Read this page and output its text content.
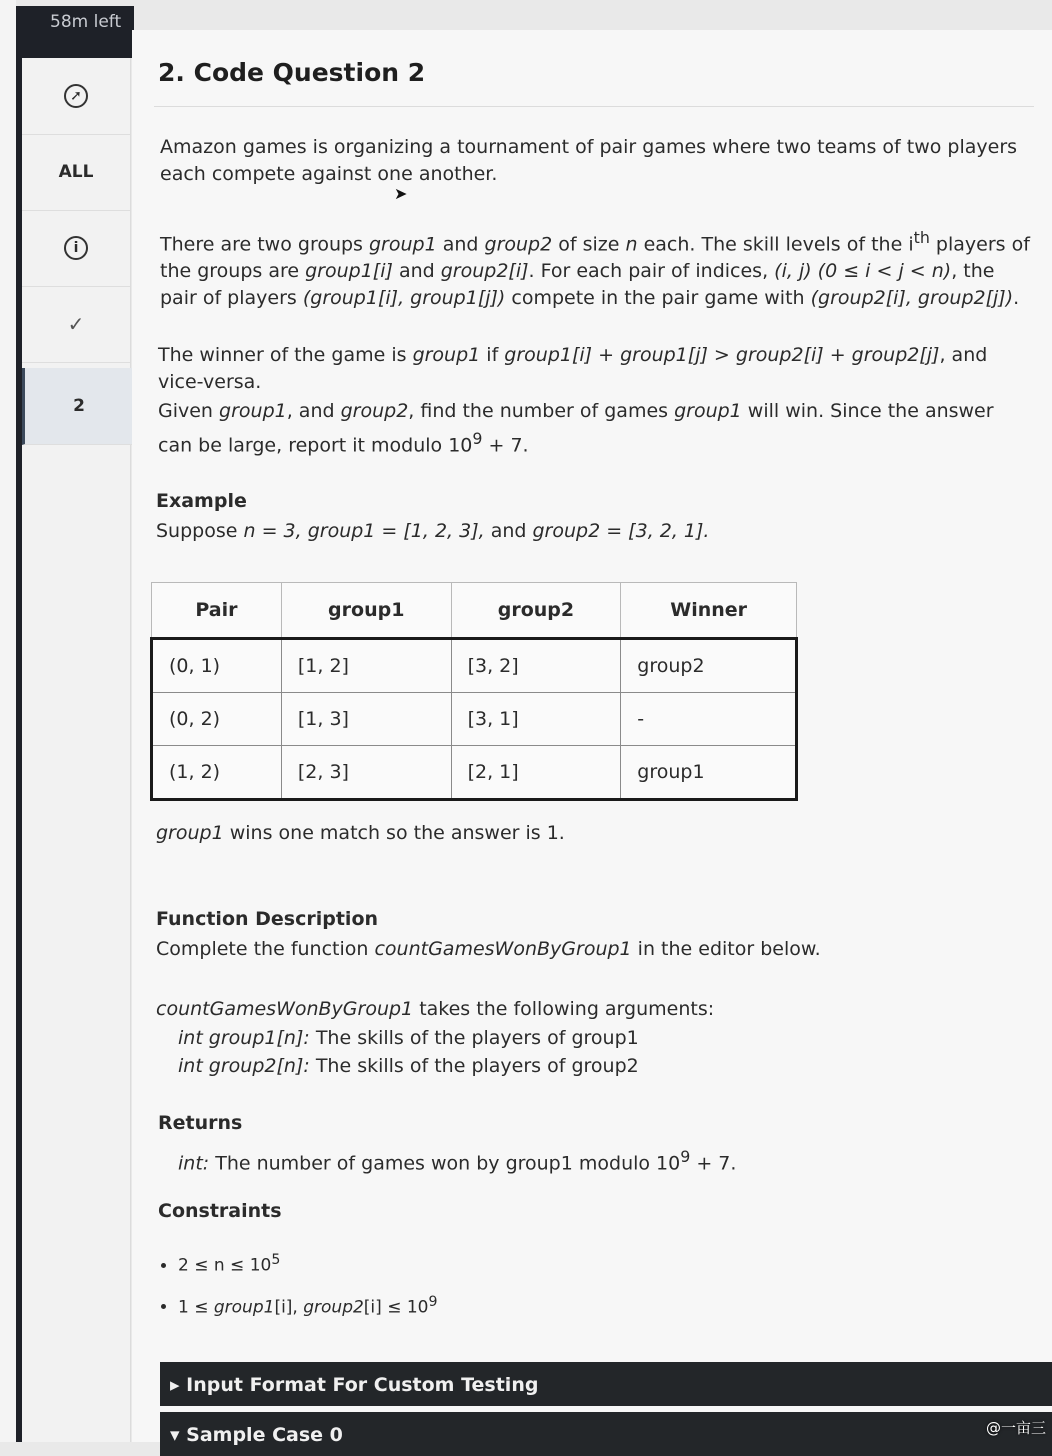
58m left
➚
ALL
i
✓
2
2. Code Question 2

Amazon games is organizing a tournament of pair games where two teams of two players each compete against one another.

There are two groups group1 and group2 of size n each. The skill levels of the $i^{th}$ players of the groups are group1[i] and group2[i]. For each pair of indices, (i, j) (0 ≤ i < j < n), the pair of players (group1[i], group1[j]) compete in the pair game with (group2[i], group2[j]).

The winner of the game is group1 if group1[i] + group1[j] > group2[i] + group2[j], and vice-versa.

Given group1, and group2, find the number of games group1 will win. Since the answer can be large, report it modulo $10^9 + 7$.

Example

Suppose n = 3, group1 = [1, 2, 3], and group2 = [3, 2, 1].

Pair	group1	group2	Winner
(0, 1)	[1, 2]	[3, 2]	group2
(0, 2)	[1, 3]	[3, 1]	-
(1, 2)	[2, 3]	[2, 1]	group1

group1 wins one match so the answer is 1.

Function Description

Complete the function countGamesWonByGroup1 in the editor below.

countGamesWonByGroup1 takes the following arguments:

int group1[n]: The skills of the players of group1
int group2[n]: The skills of the players of group2
Returns
int: The number of games won by group1 modulo $10^9 + 7$.
Constraints
• $2 \le n \le 10^5$
• 1 ≤ group1[i], group2[i] ≤ $10^9$
▸ Input Format For Custom Testing
▾ Sample Case 0
➤
@一亩三
